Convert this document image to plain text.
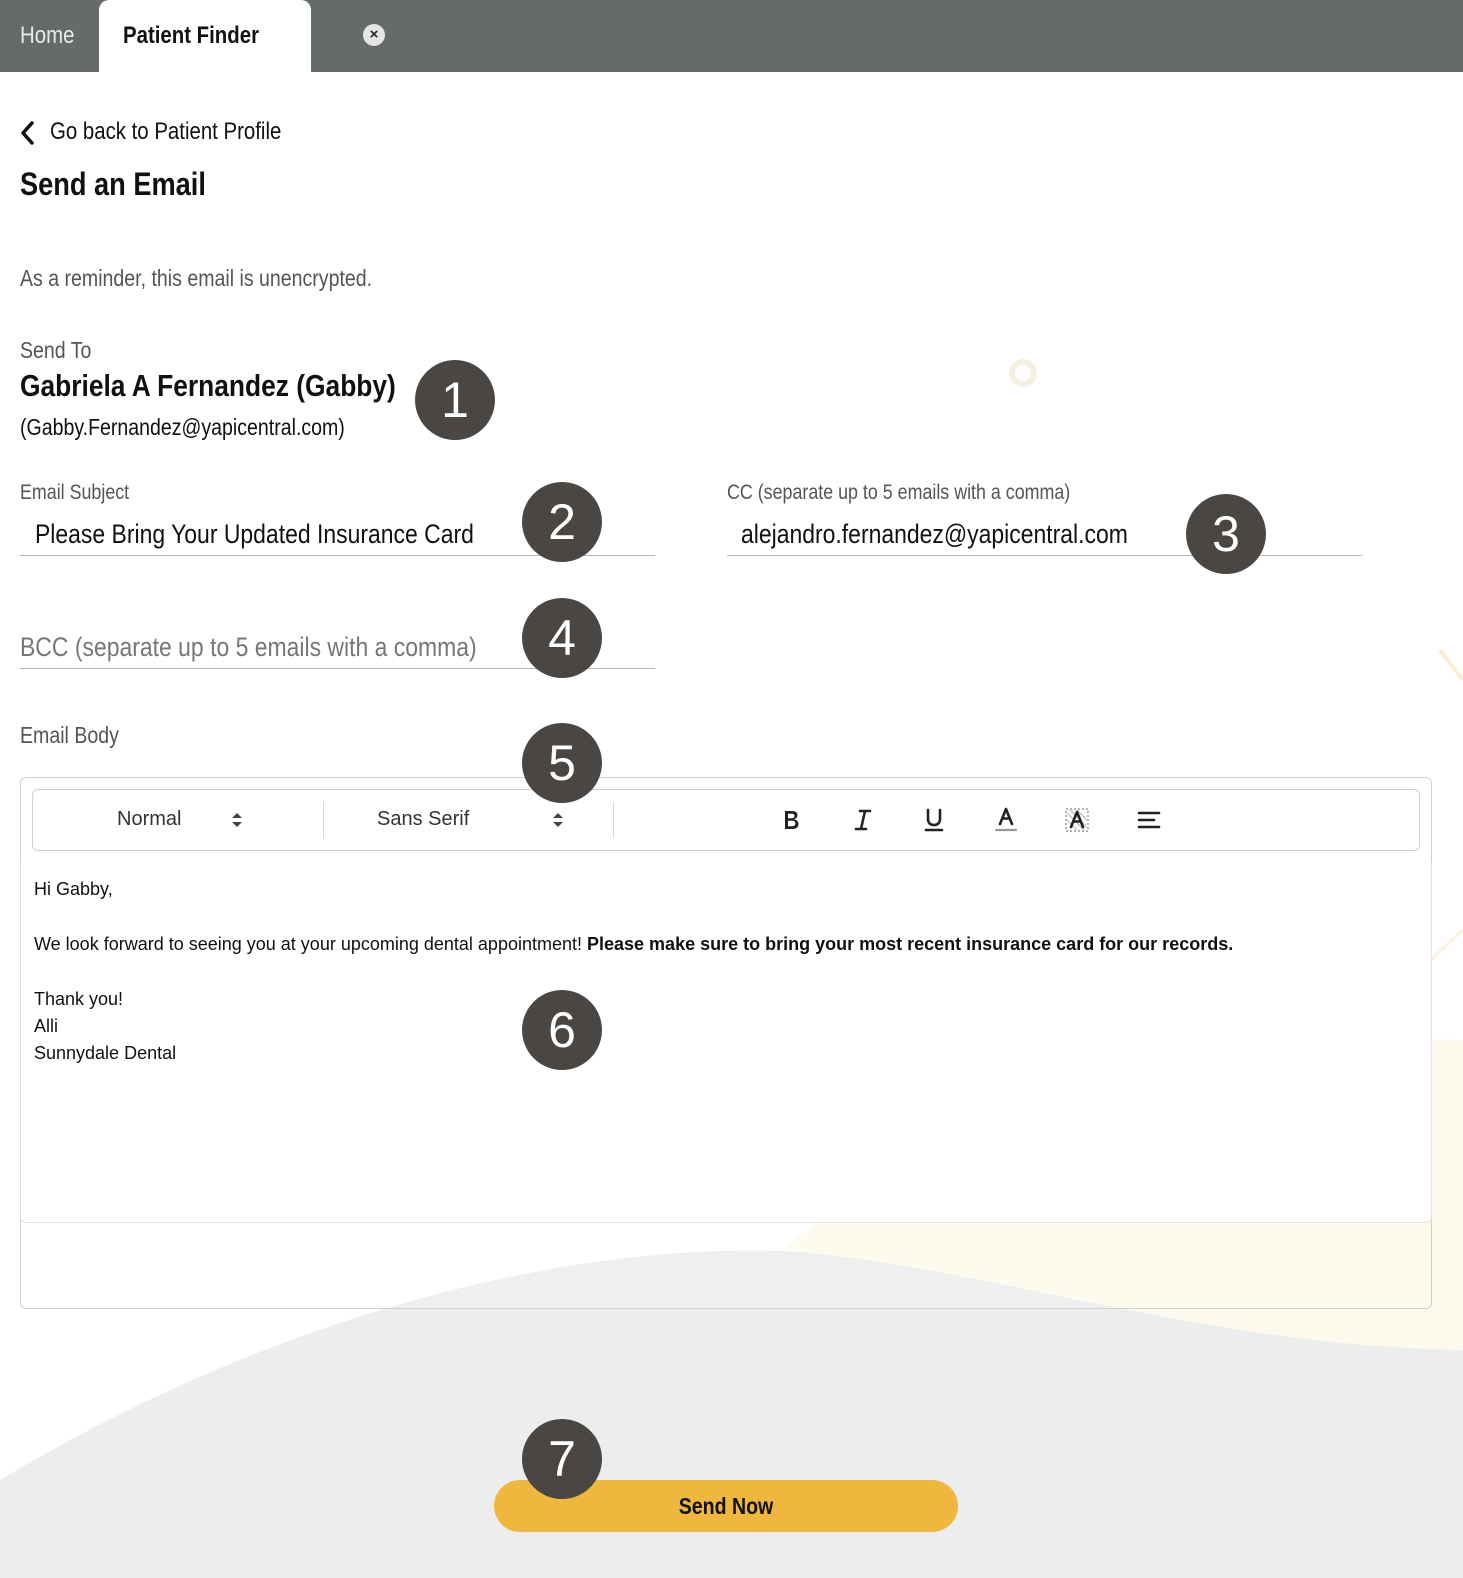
Home Patient Finder	×
Go back to Patient Profile
Send an Email
As a reminder, this email is unencrypted.
Send To
Gabriela A Fernandez (Gabby)
(Gabby.Fernandez@yapicentral.com)
Email Subject
Please Bring Your Updated Insurance Card
CC (separate up to 5 emails with a comma)
alejandro.fernandez@yapicentral.com
BCC (separate up to 5 emails with a comma)
Email Body
Normal	Sans Serif

Hi Gabby,

We look forward to seeing you at your upcoming dental appointment! Please make sure to bring your most recent insurance card for our records.

Thank you!

Alli

Sunnydale Dental

Send Now
1
2	3
4
5
6
7
